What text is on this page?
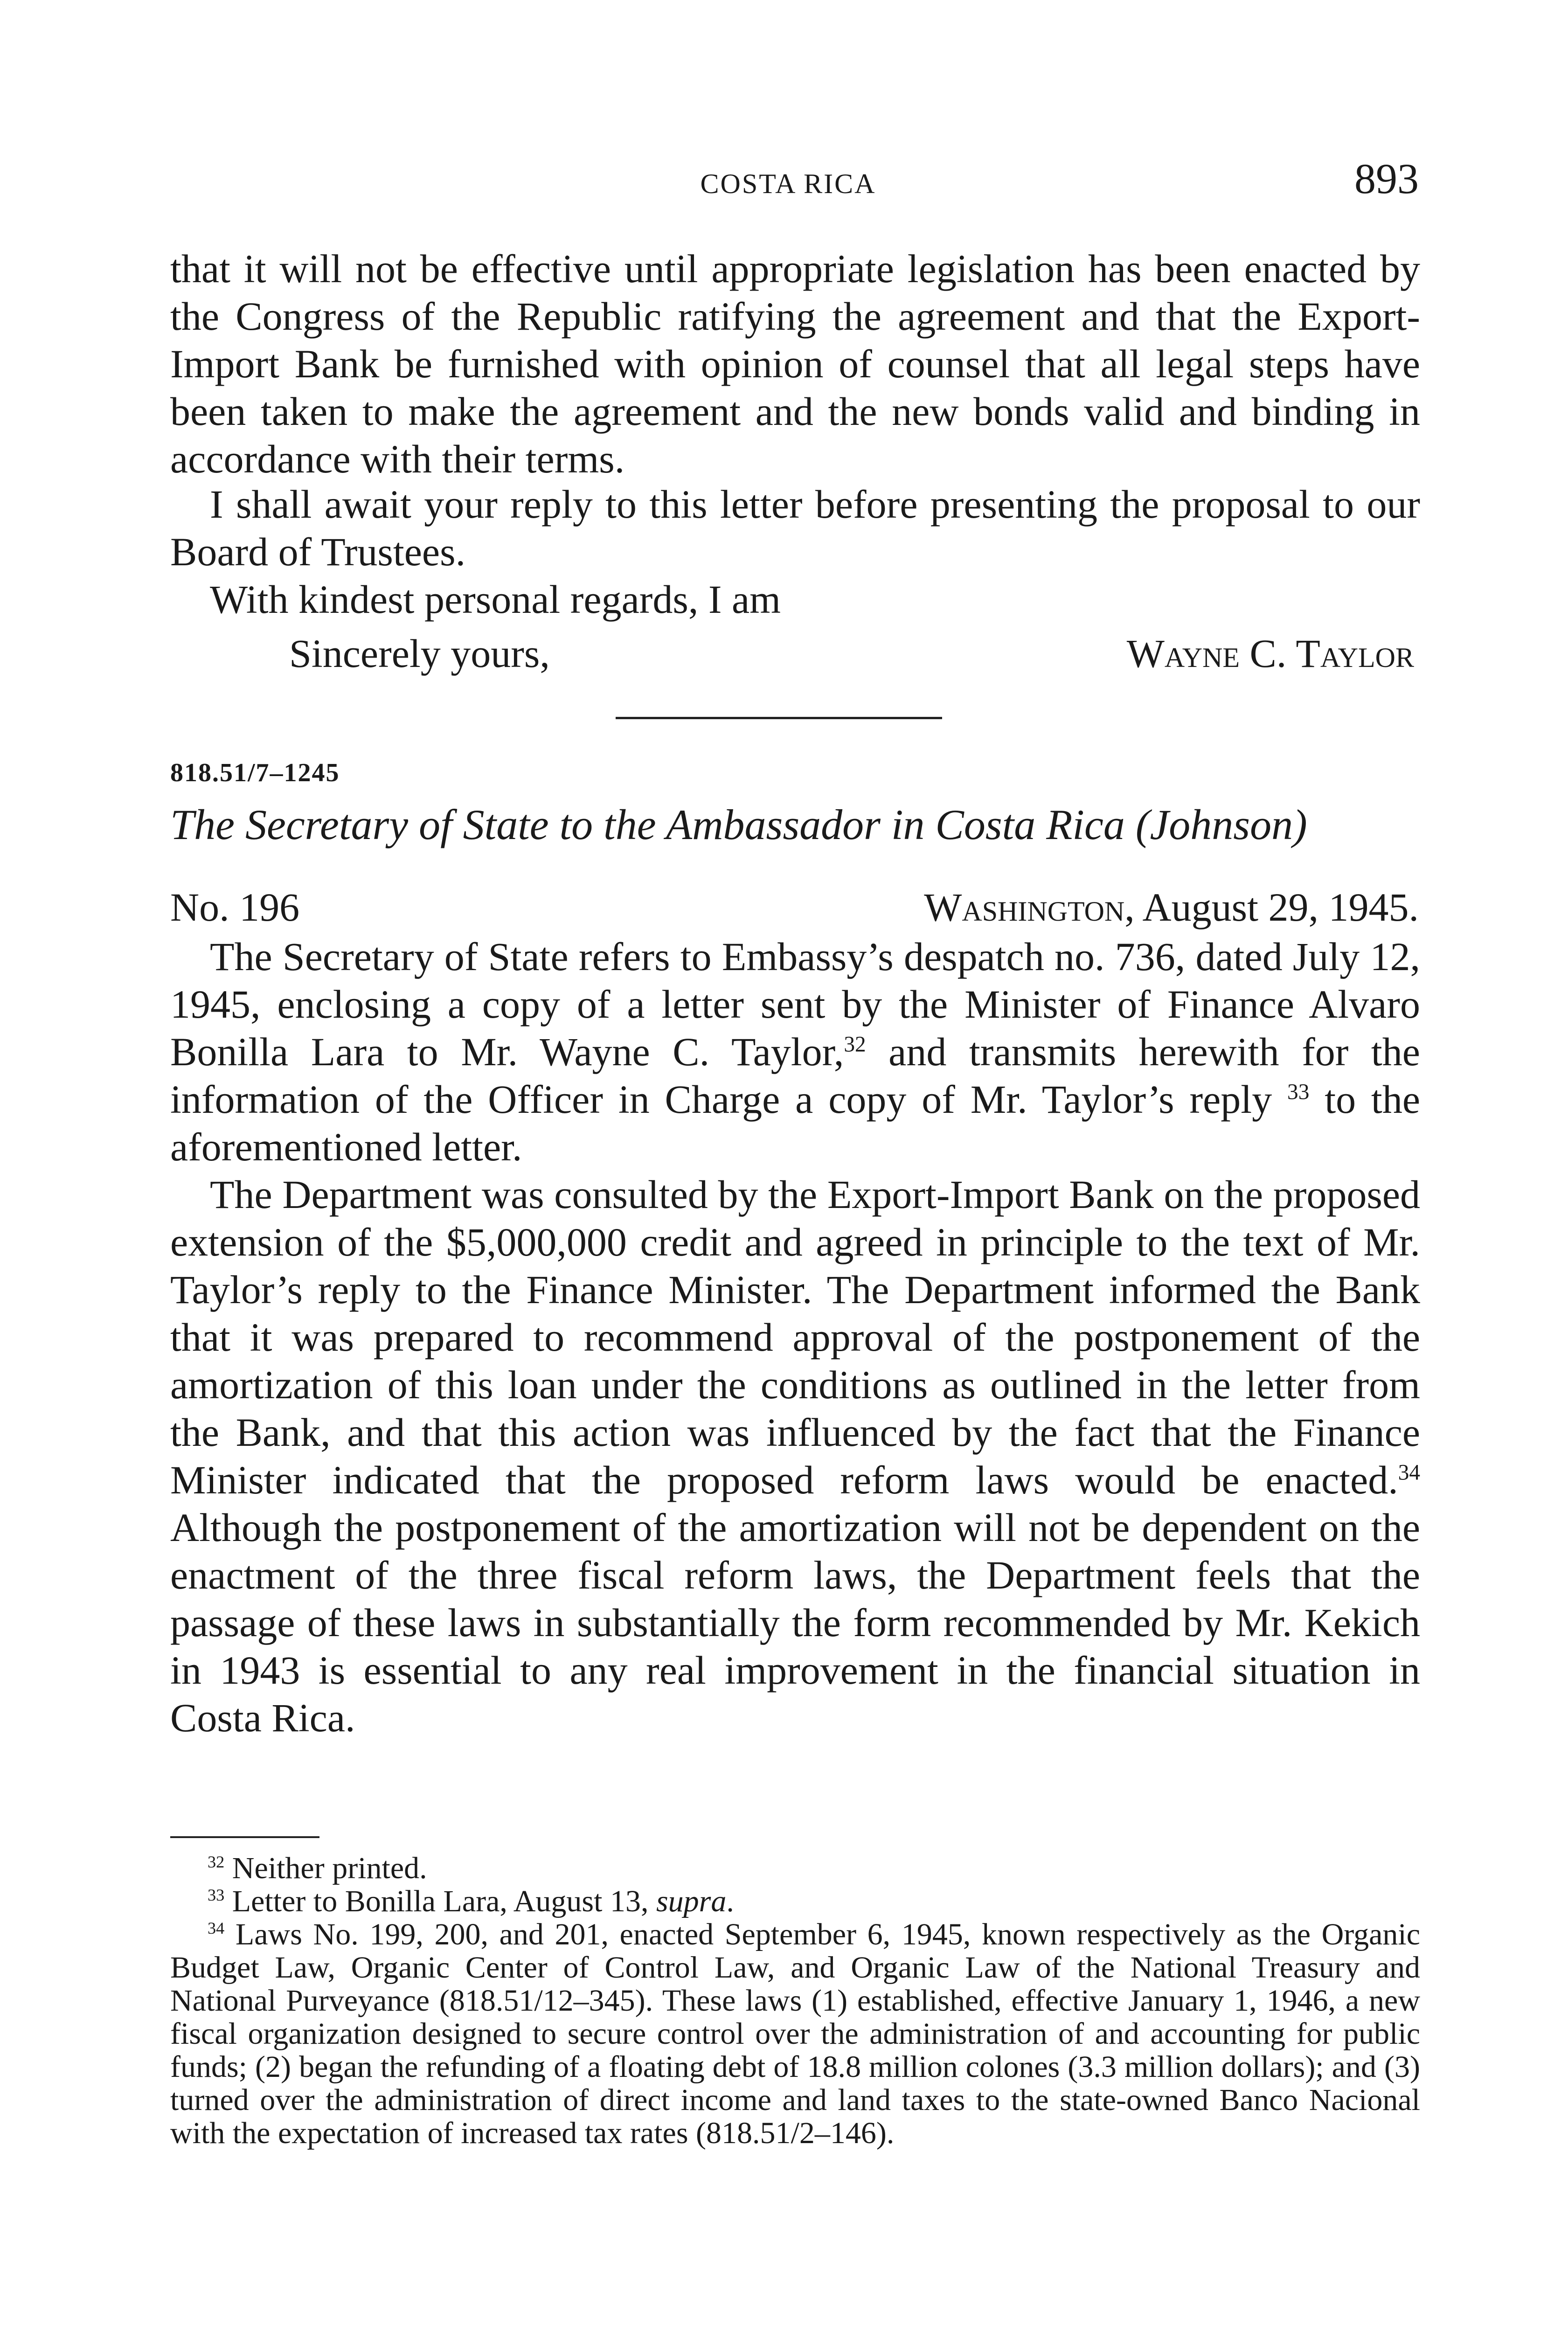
COSTA RICA	893

that it will not be effective until appropriate legislation has been enacted by the Congress of the Republic ratifying the agreement and that the Export-Import Bank be furnished with opinion of counsel that all legal steps have been taken to make the agreement and the new bonds valid and binding in accordance with their terms.

I shall await your reply to this letter before presenting the proposal to our Board of Trustees.

With kindest personal regards, I am

Sincerely yours,	Wayne C. Taylor
818.51/7–1245
The Secretary of State to the Ambassador in Costa Rica (Johnson)
No. 196	Washington, August 29, 1945.

The Secretary of State refers to Embassy’s despatch no. 736, dated July 12, 1945, enclosing a copy of a letter sent by the Minister of Finance Alvaro Bonilla Lara to Mr. Wayne C. Taylor,$^{32}$ and transmits herewith for the information of the Officer in Charge a copy of Mr. Taylor’s reply $^{33}$ to the aforementioned letter.

The Department was consulted by the Export-Import Bank on the proposed extension of the $5,000,000 credit and agreed in principle to the text of Mr. Taylor’s reply to the Finance Minister. The Department informed the Bank that it was prepared to recommend approval of the postponement of the amortization of this loan under the conditions as outlined in the letter from the Bank, and that this action was influenced by the fact that the Finance Minister indicated that the proposed reform laws would be enacted.$^{34}$ Although the postponement of the amortization will not be dependent on the enactment of the three fiscal reform laws, the Department feels that the passage of these laws in substantially the form recommended by Mr. Kekich in 1943 is essential to any real improvement in the financial situation in Costa Rica.

$^{32}$ Neither printed.

$^{33}$ Letter to Bonilla Lara, August 13, supra.

$^{34}$ Laws No. 199, 200, and 201, enacted September 6, 1945, known respectively as the Organic Budget Law, Organic Center of Control Law, and Organic Law of the National Treasury and National Purveyance (818.51/12–345). These laws (1) established, effective January 1, 1946, a new fiscal organization designed to secure control over the administration of and accounting for public funds; (2) began the refunding of a floating debt of 18.8 million colones (3.3 million dollars); and (3) turned over the administration of direct income and land taxes to the state-owned Banco Nacional with the expectation of increased tax rates (818.51/2–146).
